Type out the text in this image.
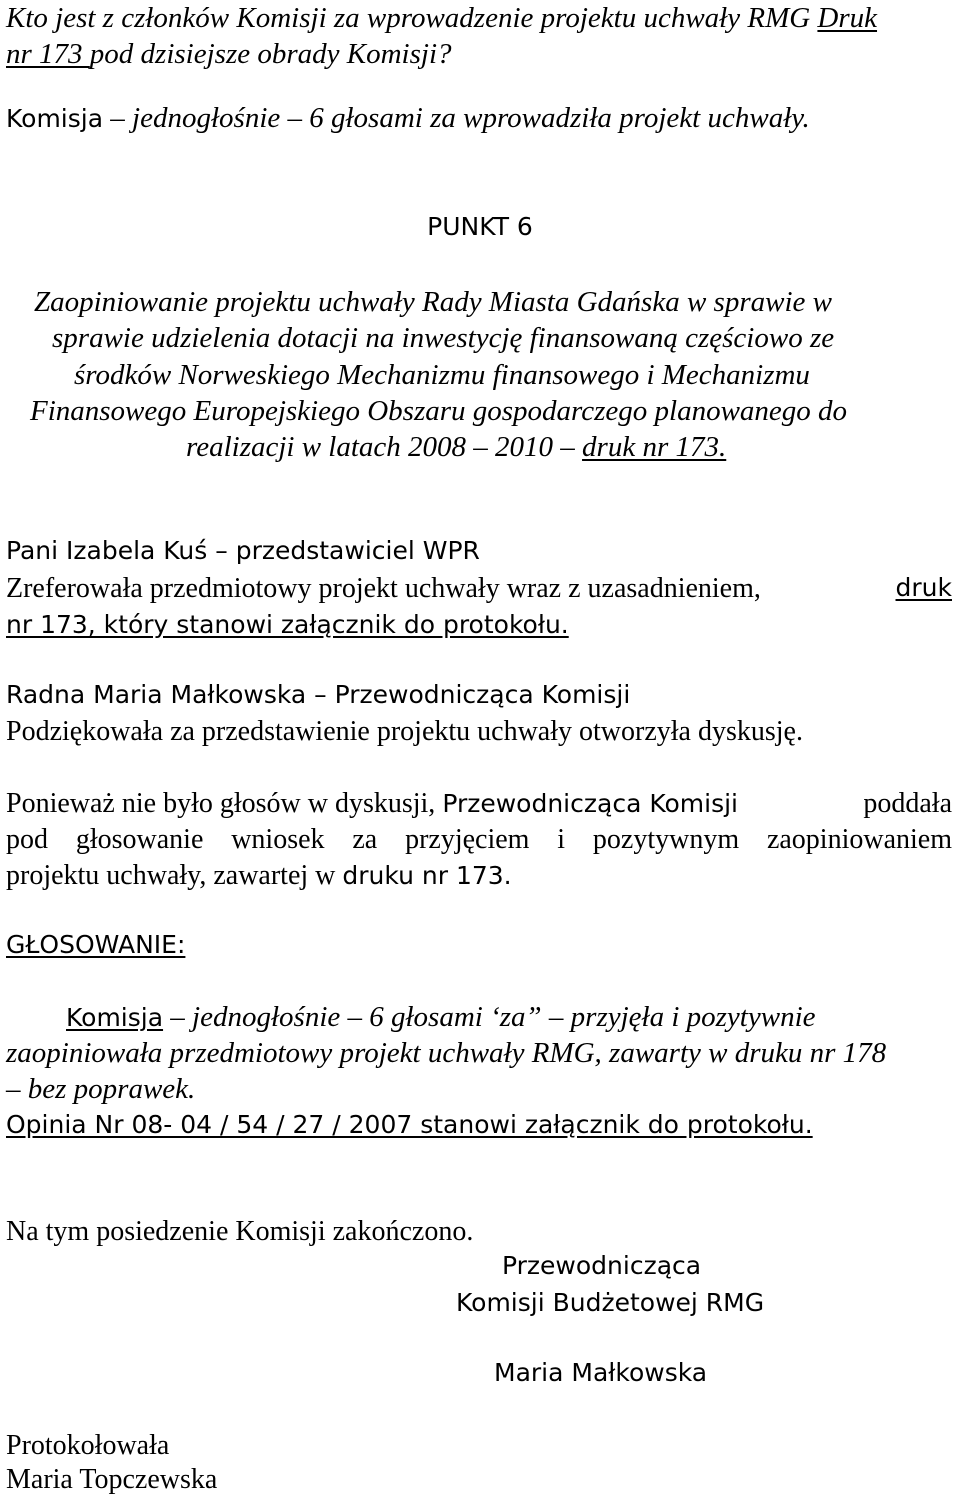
Kto jest z członków Komisji za wprowadzenie projektu uchwały RMG Druk
nr 173 pod dzisiejsze obrady Komisji?
Komisja – jednogłośnie – 6 głosami za wprowadziła projekt uchwały.
PUNKT 6
Zaopiniowanie projektu uchwały Rady Miasta Gdańska w sprawie w
sprawie udzielenia dotacji na inwestycję finansowaną częściowo ze
środków Norweskiego Mechanizmu finansowego i Mechanizmu
Finansowego Europejskiego Obszaru gospodarczego planowanego do
realizacji w latach 2008 – 2010 – druk nr 173.
Pani Izabela Kuś – przedstawiciel WPR
Zreferowała przedmiotowy projekt uchwały wraz z uzasadnieniem,	druk
nr 173, który stanowi załącznik do protokołu.
Radna Maria Małkowska – Przewodnicząca Komisji
Podziękowała za przedstawienie projektu uchwały otworzyła dyskusję.
Ponieważ nie było głosów w dyskusji, Przewodnicząca Komisji	poddała
pod głosowanie wniosek za przyjęciem i pozytywnym zaopiniowaniem
projektu uchwały, zawartej w druku nr 173.
GŁOSOWANIE:
Komisja – jednogłośnie – 6 głosami ‘za” – przyjęła i pozytywnie
zaopiniowała przedmiotowy projekt uchwały RMG, zawarty w druku nr 178
– bez poprawek.
Opinia Nr 08- 04 / 54 / 27 / 2007 stanowi załącznik do protokołu.
Na tym posiedzenie Komisji zakończono.
Przewodnicząca
Komisji Budżetowej RMG
Maria Małkowska
Protokołowała
Maria Topczewska
